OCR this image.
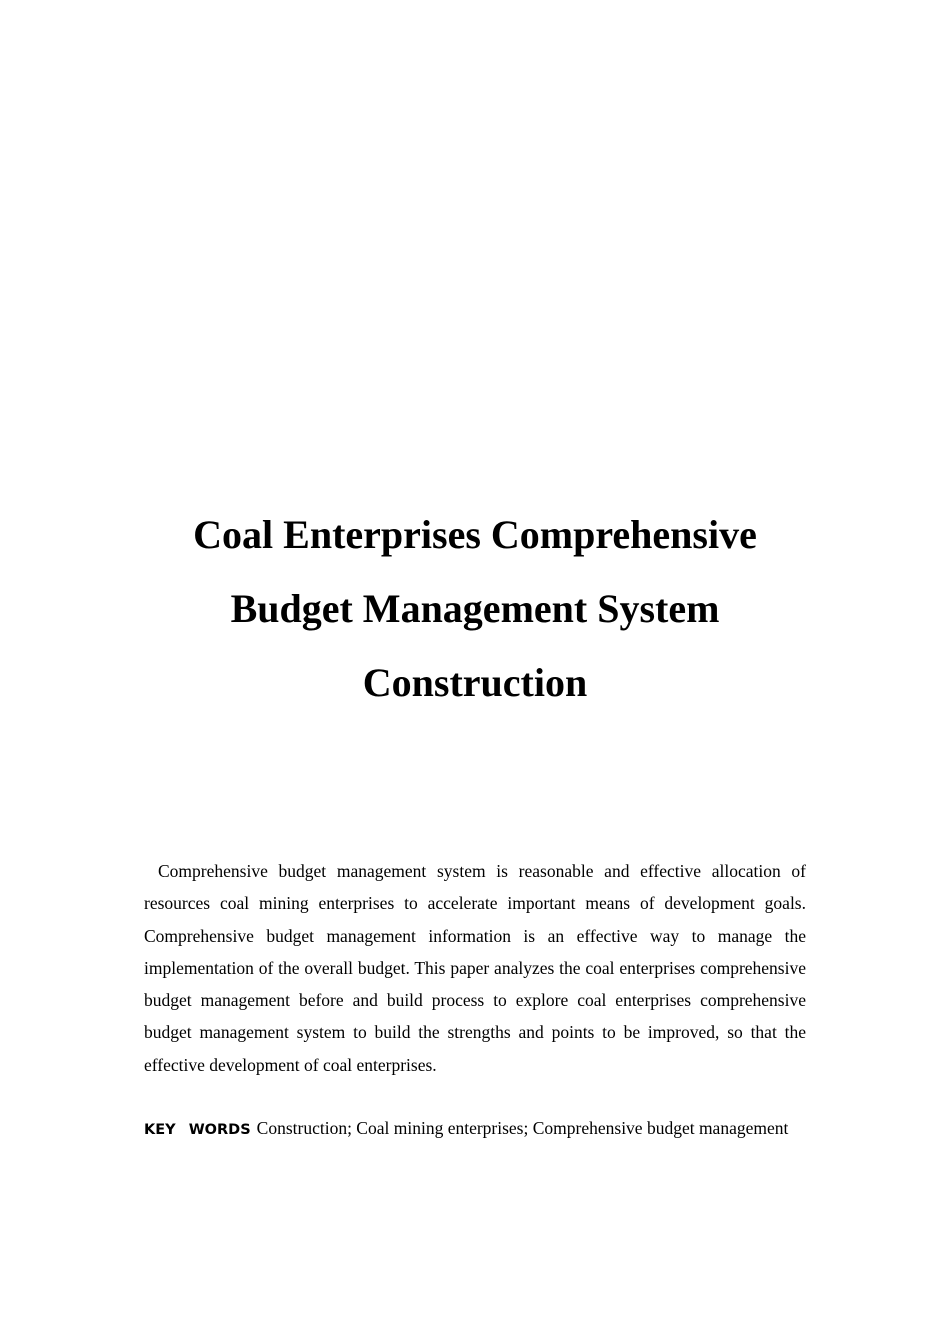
Coal Enterprises Comprehensive

Budget Management System

Construction

Comprehensive budget management system is reasonable and effective allocation of resources coal mining enterprises to accelerate important means of development goals. Comprehensive budget management information is an effective way to manage the implementation of the overall budget. This paper analyzes the coal enterprises comprehensive budget management before and build process to explore coal enterprises comprehensive budget management system to build the strengths and points to be improved, so that the effective development of coal enterprises.

KEY WORDS Construction; Coal mining enterprises; Comprehensive budget management
